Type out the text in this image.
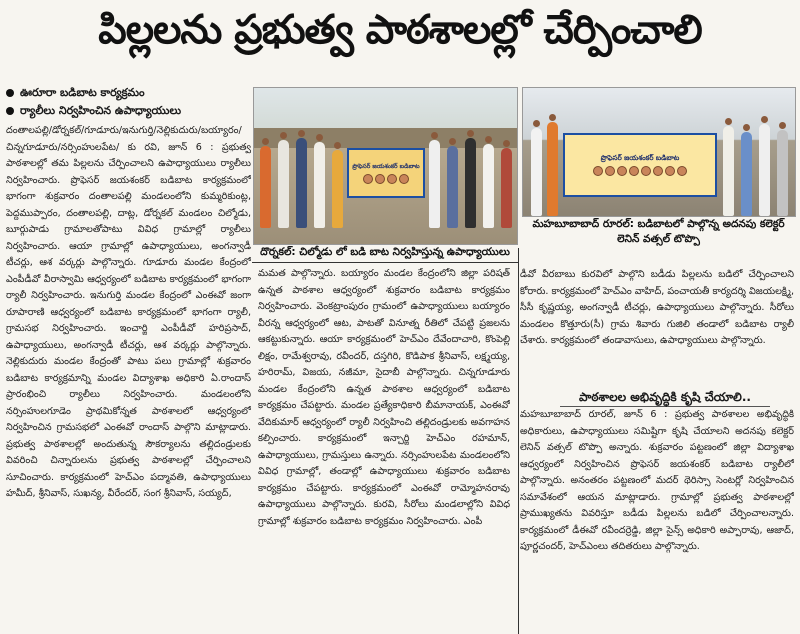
పిల్లలను ప్రభుత్వ పాఠశాలల్లో చేర్పించాలి
ఊరూరా బడిబాట కార్యక్రమం
ర్యాలీలు నిర్వహించిన ఉపాధ్యాయులు
ప్రొఫెసర్ జయశంకర్ బడిబాట
దొర్నకల్: చిల్మోడు లో బడి బాట నిర్వహిస్తున్న ఉపాధ్యాయులు
ప్రొఫెసర్ జయశంకర్ బడిబాట
మహబూబాబాద్ రూరల్: బడిబాటలో పాల్గొన్న అదనపు కలెక్టర్ లెనిన్ వత్సల్ టొప్పొ
దంతాలపల్లి/డోర్నకల్/గూడూరు/ఇనుగుర్తి/నెల్లికుదురు/బయ్యారం/చిన్నగూడూరు/నర్సింహులపేట/ కు రవి, జూన్ 6 : ప్రభుత్వ పాఠశాలల్లో తమ పిల్లలను చేర్పించాలని ఉపాధ్యాయులు ర్యాలీలు నిర్వహించారు. ప్రొఫెసర్ జయశంకర్ బడిబాట కార్యక్రమంలో భాగంగా శుక్రవారం దంతాలపల్లి మండలంలోని కుమ్మరికుంట్ల, పెద్దముప్పారం, దంతాలపల్లి, దాట్ల, డోర్నకల్ మండలం చిల్మోడు, బూర్గుపాడు గ్రామాలతోపాటు వివిధ గ్రామాల్లో ర్యాలీలు నిర్వహించారు. ఆయా గ్రామాల్లో ఉపాధ్యాయులు, అంగన్వాడీ టీచర్లు, ఆశ వర్కర్లు పాల్గొన్నారు. గూడూరు మండల కేంద్రంలో ఎంపీడీవో వీరాస్వామి ఆధ్వర్యంలో బడిబాట కార్యక్రమంలో భాగంగా ర్యాలీ నిర్వహించారు. ఇనుగుర్తి మండల కేంద్రంలో ఎంఈవో జంగా రూపారాణి ఆధ్వర్యంలో బడిబాట కార్యక్రమంలో భాగంగా ర్యాలీ, గ్రామసభ నిర్వహించారు. ఇంచార్జి ఎంపీడీవో హరిప్రసాద్, ఉపాధ్యాయులు, అంగన్వాడీ టీచర్లు, ఆశ వర్కర్లు పాల్గొన్నారు. నెల్లికుదురు మండల కేంద్రంతో పాటు పలు గ్రామాల్లో శుక్రవారం బడిబాట కార్యక్రమాన్ని మండల విద్యాశాఖ అధికారి ఏ.రాందాస్ ప్రారంభించి ర్యాలీలు నిర్వహించారు. మండలంలోని నర్సింహులగూడెం ప్రాథమికోన్నత పాఠశాలలో ఆధ్వర్యంలో నిర్వహించిన గ్రామసభలో ఎంఈవో రాందాస్ పాల్గొని మాట్లాడారు. ప్రభుత్వ పాఠశాలల్లో అందుతున్న సౌకర్యాలను తల్లిదండ్రులకు వివరించి చిన్నారులను ప్రభుత్వ పాఠశాలల్లో చేర్పించాలని సూచించారు. కార్యక్రమంలో హెచ్ఎం పద్మావతి, ఉపాధ్యాయులు హమీద్, శ్రీనివాస్, సుఖన్య, వీరేందర్, సంగ శ్రీనివాస్, సయ్యద్,
మమత పాల్గొన్నారు. బయ్యారం మండల కేంద్రంలోని జిల్లా పరిషత్ ఉన్నత పాఠశాల ఆధ్వర్యంలో శుక్రవారం బడిబాట కార్యక్రమం నిర్వహించారు. వెంకట్రాంపురం గ్రామంలో ఉపాధ్యాయులు బయ్యారం వీరన్న ఆధ్వర్యంలో ఆట, పాటతో వినూత్న రీతిలో చేపట్టి ప్రజలను ఆకట్టుకున్నారు. ఆయా కార్యక్రమంలో హెచ్ఎం దేవేందాచారి, కొంపెల్లి లిక్షం, రామేశ్వరావు, రవీందర్, దస్తగిరి, కొడిపాక శ్రీనివాస్, లక్ష్మయ్య, హరిరామ్, విజయ, నజీమా, సైదాబీ పాల్గొన్నారు. చిన్నగూడూరు మండల కేంద్రంలోని ఉన్నత పాఠశాల ఆధ్వర్యంలో బడిబాట కార్యక్రమం చేపట్టారు. మండల ప్రత్యేకాధికారి బీమానాయక్, ఎంఈవో వేదికుమార్ ఆధ్వర్యంలో ర్యాలీ నిర్వహించి తల్లిదండ్రులకు అవగాహన కల్పించారు. కార్యక్రమంలో ఇన్చార్జి హెచ్ఎం రహమాన్, ఉపాధ్యాయులు, గ్రామస్తులు ఉన్నారు. నర్సింహులపేట మండలంలోని వివిధ గ్రామాల్లో, తండాల్లో ఉపాధ్యాయులు శుక్రవారం బడిబాట కార్యక్రమం చేపట్టారు. కార్యక్రమంలో ఎంఈవో రామ్మోహనరావు ఉపాధ్యాయులు పాల్గొన్నారు. కురవి, సీరోలు మండలాల్లోని వివిధ గ్రామాల్లో శుక్రవారం బడిబాట కార్యక్రమం నిర్వహించారు. ఎంపీ
డీవో వీరబాబు కురవిలో పాల్గొని బడీడు పిల్లలను బడిలో చేర్పించాలని కోరారు. కార్యక్రమంలో హెచ్ఎం వాహిద్, పంచాయతీ కార్యదర్శి విజయలక్ష్మి, సీసీ కృష్ణయ్య, అంగన్వాడీ టీచర్లు, ఉపాధ్యాయులు పాల్గొన్నారు. సీరోలు మండలం కొత్తూరు(సీ) గ్రామ శివారు గుజిలి తండాలో బడిబాట ర్యాలీ చేశారు. కార్యక్రమంలో తండావాసులు, ఉపాధ్యాయులు పాల్గొన్నారు.
పాఠశాలల అభివృద్ధికి కృషి చేయాలి..
మహబూబాబాద్ రూరల్, జూన్ 6 : ప్రభుత్వ పాఠశాలల అభివృద్ధికి అధికారులు, ఉపాధ్యాయులు సమిష్టిగా కృషి చేయాలని అదనపు కలెక్టర్ లెనిన్ వత్సల్ టొప్పొ అన్నారు. శుక్రవారం పట్టణంలో జిల్లా విద్యాశాఖ ఆధ్వర్యంలో నిర్వహించిన ప్రొఫెసర్ జయశంకర్ బడిబాట ర్యాలీలో పాల్గొన్నారు. అనంతరం పట్టణంలో మదర్ థెరిస్సా సెంటర్లో నిర్వహించిన సమావేశంలో ఆయన మాట్లాడారు. గ్రామాల్లో ప్రభుత్వ పాఠశాలల్లో ప్రాముఖ్యతను వివరిస్తూ బడీడు పిల్లలను బడిలో చేర్పించాలన్నారు. కార్యక్రమంలో డీఈవో రవీందర్రెడ్డి, జిల్లా సైన్స్ అధికారి అప్పారావు, ఆజాద్, పూర్ణచందర్, హెచ్ఎంలు తదితరులు పాల్గొన్నారు.
